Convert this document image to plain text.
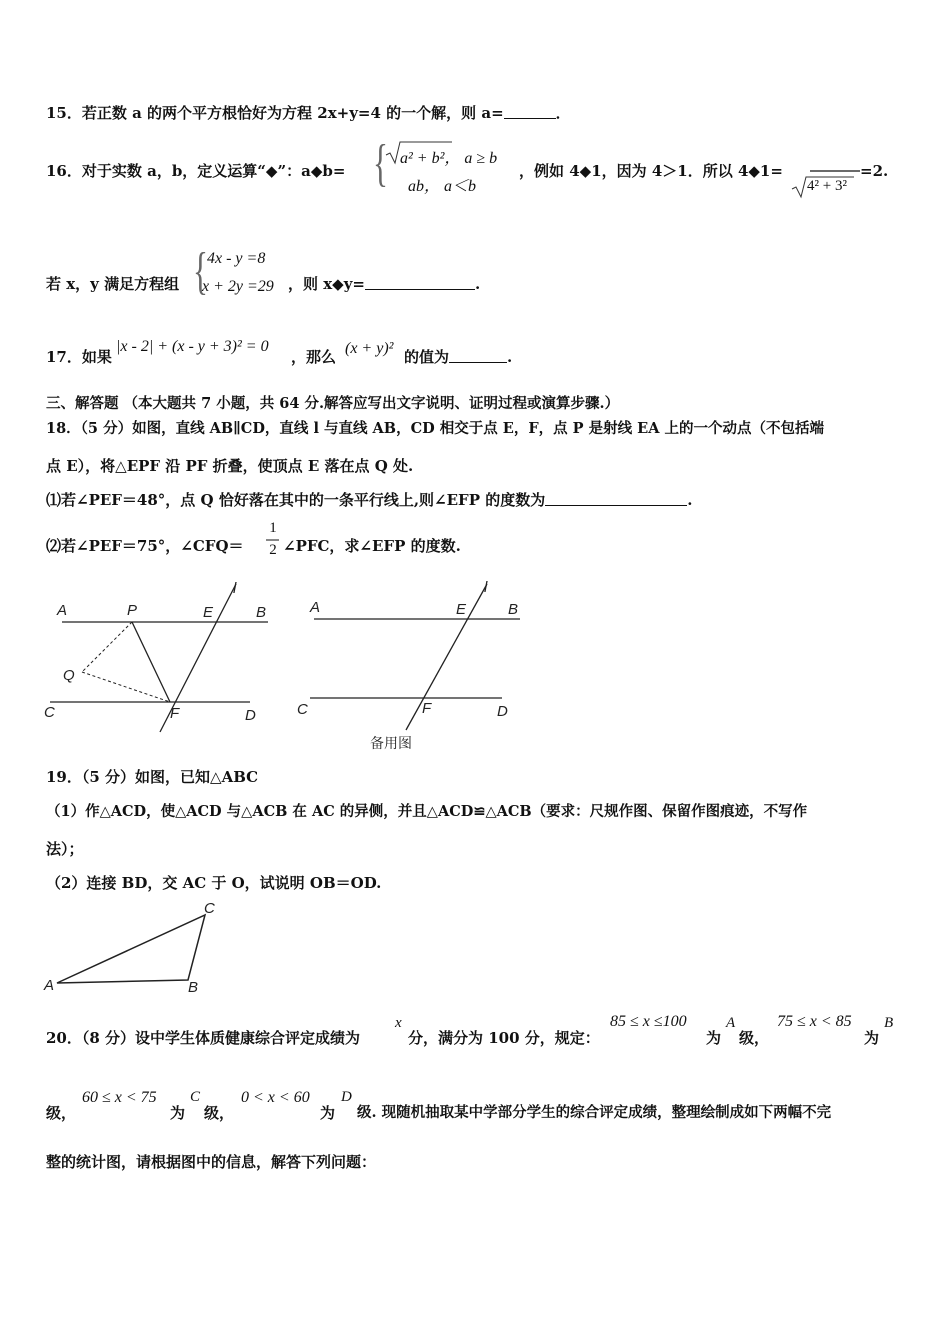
15．若正数 a 的两个平方根恰好为方程 2x+y=4 的一个解，则 a=	．
16．对于实数 a，b，定义运算“◆”：a◆b= { a² + b²， a ≥ b
ab， a＜b
，例如 4◆1，因为 4＞1．所以 4◆1=
4² + 3²
=2.
若 x，y 满足方程组 { 4x - y =8
x + 2y =29 ，则 x◆y=	.
17．如果
|x - 2| + (x - y + 3)² = 0
，那么 (x + y)² 的值为	.
三、解答题 （本大题共 7 小题，共 64 分.解答应写出文字说明、证明过程或演算步骤.）
18．（5 分）如图，直线 AB∥CD，直线 l 与直线 AB，CD 相交于点 E，F，点 P 是射线 EA 上的一个动点（不包括端
点 E），将△EPF 沿 PF 折叠，使顶点 E 落在点 Q 处.
⑴若∠PEF＝48°，点 Q 恰好落在其中的一条平行线上,则∠EFP 的度数为	.
⑵若∠PEF＝75°，∠CFQ＝
1
2 ∠PFC，求∠EFP 的度数.
A	P	E
l
B
Q
C	F	D
A	E
l
B
C	F	D
备用图
19．（5 分）如图，已知△ABC
（1）作△ACD，使△ACD 与△ACB 在 AC 的异侧，并且△ACD≌△ACB（要求：尺规作图、保留作图痕迹，不写作
法）；
（2）连接 BD，交 AC 于 O，试说明 OB＝OD.
A	B
C
20．（8 分）设中学生体质健康综合评定成绩为
x
分，满分为 100 分，规定：
85 ≤ x ≤100
为
A
级，
75 ≤ x < 85
为
B
级，
60 ≤ x < 75
为
C
级，
0 < x < 60
为
D
级. 现随机抽取某中学部分学生的综合评定成绩，整理绘制成如下两幅不完
整的统计图，请根据图中的信息，解答下列问题：
